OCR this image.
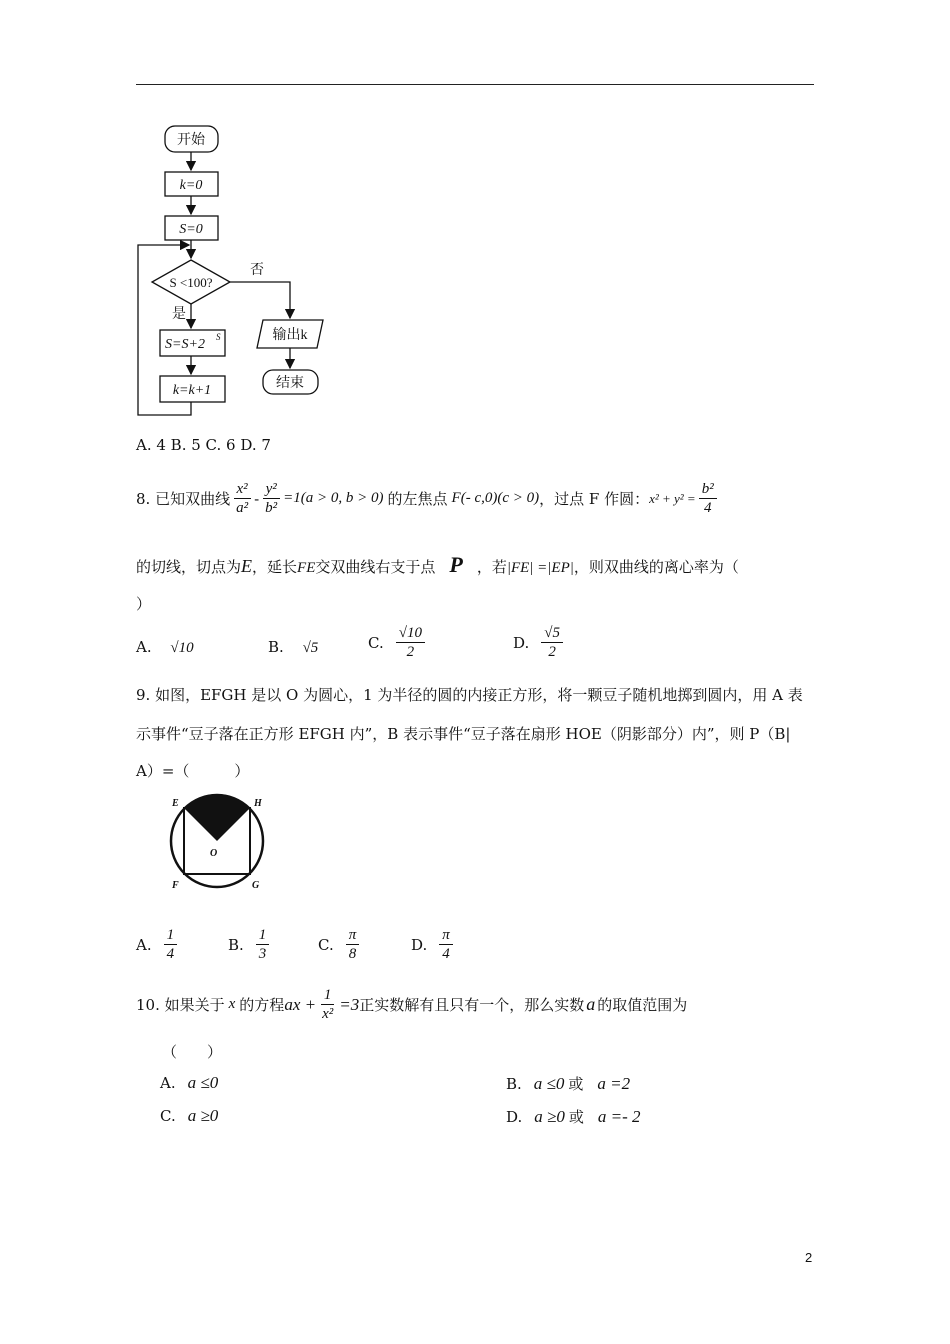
开始
k=0
S=0
S <100?
否
是
S=S+2 S
k=k+1
输出k
结束
A. 4 B. 5 C. 6 D. 7
8. 已知双曲线 $\frac{\text{x²}}{\text{a²}} - \frac{\text{y²}}{\text{b²}} =1(a > 0$, b > 0) 的左焦点 F(- c,0)(c > 0) ，过点 F 作圆： $x^2 + y^2 = \frac{\text{b²}}{4}$
的切线，切点为E，延长FE交双曲线右支于点 P ，若|FE| =|EP|，则双曲线的离心率为（
）
A. √10	B. √5	C. $\frac{√10}{2}$	D. $\frac{√5}{2}$
9. 如图，EFGH 是以 O 为圆心，1 为半径的圆的内接正方形，将一颗豆子随机地掷到圆内，用 A 表
示事件“豆子落在正方形 EFGH 内”，B 表示事件“豆子落在扇形 HOE（阴影部分）内”，则 P（B|
A）=（　　　）
E	H
O
F	G
A. $\frac{1}{4}$	B. $\frac{1}{3}$	C. $\frac{\pi}{8}$	D. $\frac{\pi}{4}$
10. 如果关于 x 的方程 ax + $\frac{1}{\text{x²}} =3$ 正实数解有且只有一个，那么实数 a 的取值范围为
（　　）
A. a ≤0	B. a ≤0 或 a =2
C. a ≥0	D. a ≥0 或 a =- 2
2
